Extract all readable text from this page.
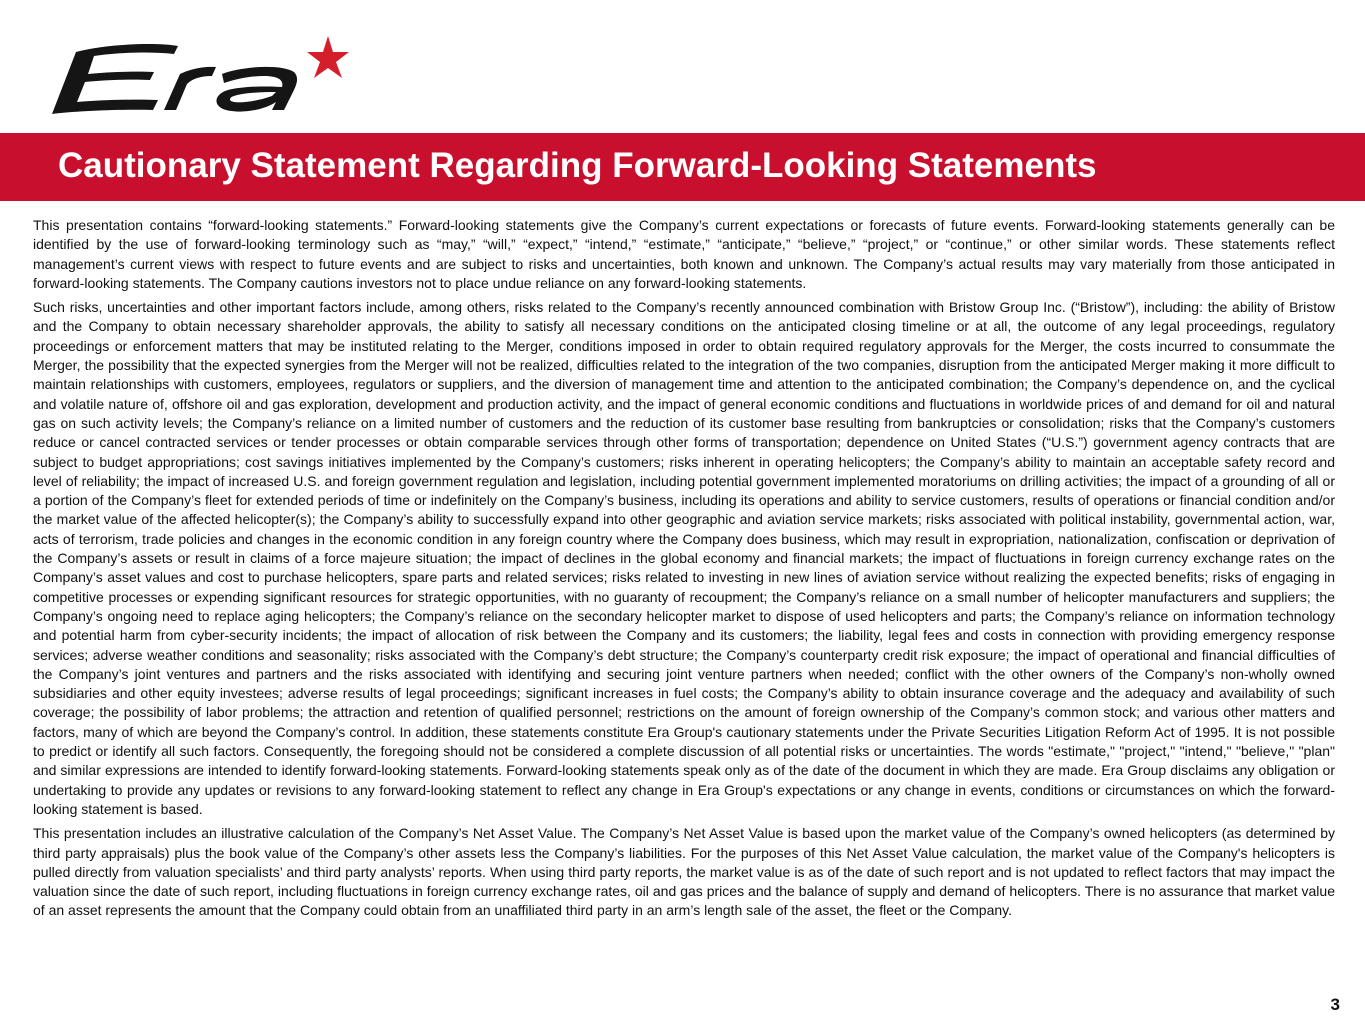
Cautionary Statement Regarding Forward-Looking Statements

This presentation contains “forward-looking statements.” Forward-looking statements give the Company’s current expectations or forecasts of future events. Forward-looking statements generally can be identified by the use of forward-looking terminology such as “may,” “will,” “expect,” “intend,” “estimate,” “anticipate,” “believe,” “project,” or “continue,” or other similar words. These statements reflect management’s current views with respect to future events and are subject to risks and uncertainties, both known and unknown. The Company’s actual results may vary materially from those anticipated in forward-looking statements. The Company cautions investors not to place undue reliance on any forward-looking statements.

Such risks, uncertainties and other important factors include, among others, risks related to the Company’s recently announced combination with Bristow Group Inc. (“Bristow”), including: the ability of Bristow and the Company to obtain necessary shareholder approvals, the ability to satisfy all necessary conditions on the anticipated closing timeline or at all, the outcome of any legal proceedings, regulatory proceedings or enforcement matters that may be instituted relating to the Merger, conditions imposed in order to obtain required regulatory approvals for the Merger, the costs incurred to consummate the Merger, the possibility that the expected synergies from the Merger will not be realized, difficulties related to the integration of the two companies, disruption from the anticipated Merger making it more difficult to maintain relationships with customers, employees, regulators or suppliers, and the diversion of management time and attention to the anticipated combination; the Company’s dependence on, and the cyclical and volatile nature of, offshore oil and gas exploration, development and production activity, and the impact of general economic conditions and fluctuations in worldwide prices of and demand for oil and natural gas on such activity levels; the Company’s reliance on a limited number of customers and the reduction of its customer base resulting from bankruptcies or consolidation; risks that the Company’s customers reduce or cancel contracted services or tender processes or obtain comparable services through other forms of transportation; dependence on United States (“U.S.”) government agency contracts that are subject to budget appropriations; cost savings initiatives implemented by the Company’s customers; risks inherent in operating helicopters; the Company’s ability to maintain an acceptable safety record and level of reliability; the impact of increased U.S. and foreign government regulation and legislation, including potential government implemented moratoriums on drilling activities; the impact of a grounding of all or a portion of the Company’s fleet for extended periods of time or indefinitely on the Company’s business, including its operations and ability to service customers, results of operations or financial condition and/or the market value of the affected helicopter(s); the Company’s ability to successfully expand into other geographic and aviation service markets; risks associated with political instability, governmental action, war, acts of terrorism, trade policies and changes in the economic condition in any foreign country where the Company does business, which may result in expropriation, nationalization, confiscation or deprivation of the Company’s assets or result in claims of a force majeure situation; the impact of declines in the global economy and financial markets; the impact of fluctuations in foreign currency exchange rates on the Company’s asset values and cost to purchase helicopters, spare parts and related services; risks related to investing in new lines of aviation service without realizing the expected benefits; risks of engaging in competitive processes or expending significant resources for strategic opportunities, with no guaranty of recoupment; the Company’s reliance on a small number of helicopter manufacturers and suppliers; the Company’s ongoing need to replace aging helicopters; the Company’s reliance on the secondary helicopter market to dispose of used helicopters and parts; the Company’s reliance on information technology and potential harm from cyber-security incidents; the impact of allocation of risk between the Company and its customers; the liability, legal fees and costs in connection with providing emergency response services; adverse weather conditions and seasonality; risks associated with the Company’s debt structure; the Company’s counterparty credit risk exposure; the impact of operational and financial difficulties of the Company’s joint ventures and partners and the risks associated with identifying and securing joint venture partners when needed; conflict with the other owners of the Company’s non-wholly owned subsidiaries and other equity investees; adverse results of legal proceedings; significant increases in fuel costs; the Company’s ability to obtain insurance coverage and the adequacy and availability of such coverage; the possibility of labor problems; the attraction and retention of qualified personnel; restrictions on the amount of foreign ownership of the Company’s common stock; and various other matters and factors, many of which are beyond the Company’s control. In addition, these statements constitute Era Group's cautionary statements under the Private Securities Litigation Reform Act of 1995. It is not possible to predict or identify all such factors. Consequently, the foregoing should not be considered a complete discussion of all potential risks or uncertainties. The words "estimate," "project," "intend," "believe," "plan" and similar expressions are intended to identify forward-looking statements. Forward-looking statements speak only as of the date of the document in which they are made. Era Group disclaims any obligation or undertaking to provide any updates or revisions to any forward-looking statement to reflect any change in Era Group's expectations or any change in events, conditions or circumstances on which the forward-looking statement is based.

This presentation includes an illustrative calculation of the Company’s Net Asset Value. The Company’s Net Asset Value is based upon the market value of the Company’s owned helicopters (as determined by third party appraisals) plus the book value of the Company’s other assets less the Company’s liabilities. For the purposes of this Net Asset Value calculation, the market value of the Company's helicopters is pulled directly from valuation specialists’ and third party analysts’ reports. When using third party reports, the market value is as of the date of such report and is not updated to reflect factors that may impact the valuation since the date of such report, including fluctuations in foreign currency exchange rates, oil and gas prices and the balance of supply and demand of helicopters. There is no assurance that market value of an asset represents the amount that the Company could obtain from an unaffiliated third party in an arm’s length sale of the asset, the fleet or the Company.

3
